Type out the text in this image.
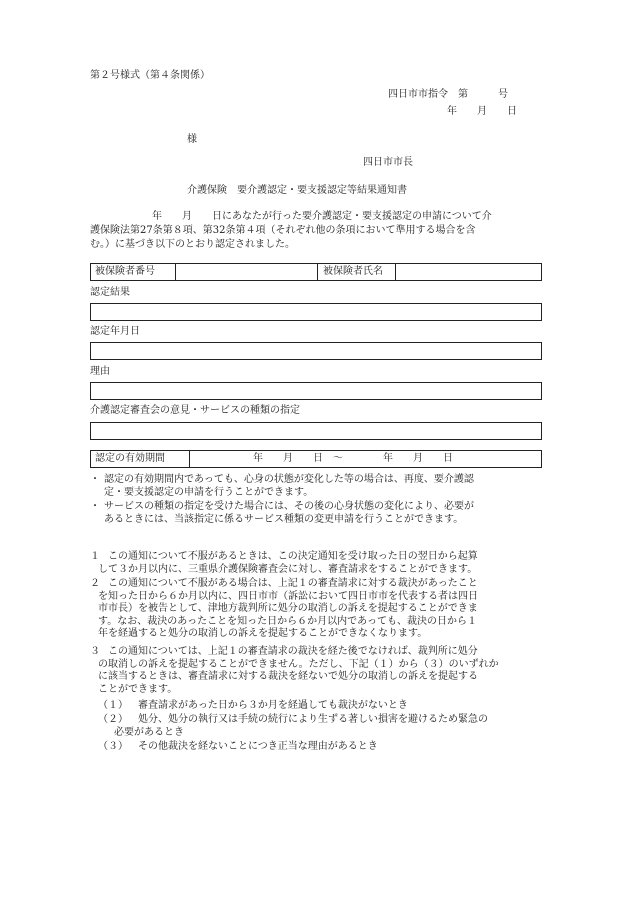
第２号様式（第４条関係）
四日市市指令　第　　　号
年　　月　　日
様
四日市市長
介護保険　要介護認定・要支援認定等結果通知書
年　　月　　日にあなたが行った要介護認定・要支援認定の申請について介
護保険法第27条第８項、第32条第４項（それぞれ他の条項において準用する場合を含
む。）に基づき以下のとおり認定されました。
被保険者番号	被保険者氏名
認定結果
認定年月日
理由
介護認定審査会の意見・サービスの種類の指定
認定の有効期間	年　　月　　日　〜　　　　年　　月　　日
・ 認定の有効期間内であっても、心身の状態が変化した等の場合は、再度、要介護認
定・要支援認定の申請を行うことができます。
・ サービスの種類の指定を受けた場合には、その後の心身状態の変化により、必要が
あるときには、当該指定に係るサービス種類の変更申請を行うことができます。
１ この通知について不服があるときは、この決定通知を受け取った日の翌日から起算
して３か月以内に、三重県介護保険審査会に対し、審査請求をすることができます。
２ この通知について不服がある場合は、上記１の審査請求に対する裁決があったこと
を知った日から６か月以内に、四日市市（訴訟において四日市市を代表する者は四日
市市長）を被告として、津地方裁判所に処分の取消しの訴えを提起することができま
す。なお、裁決のあったことを知った日から６か月以内であっても、裁決の日から１
年を経過すると処分の取消しの訴えを提起することができなくなります。
３ この通知については、上記１の審査請求の裁決を経た後でなければ、裁判所に処分
の取消しの訴えを提起することができません。ただし、下記（１）から（３）のいずれか
に該当するときは、審査請求に対する裁決を経ないで処分の取消しの訴えを提起する
ことができます。
（１）	審査請求があった日から３か月を経過しても裁決がないとき
（２）	処分、処分の執行又は手続の続行により生ずる著しい損害を避けるため緊急の
必要があるとき
（３）	その他裁決を経ないことにつき正当な理由があるとき
